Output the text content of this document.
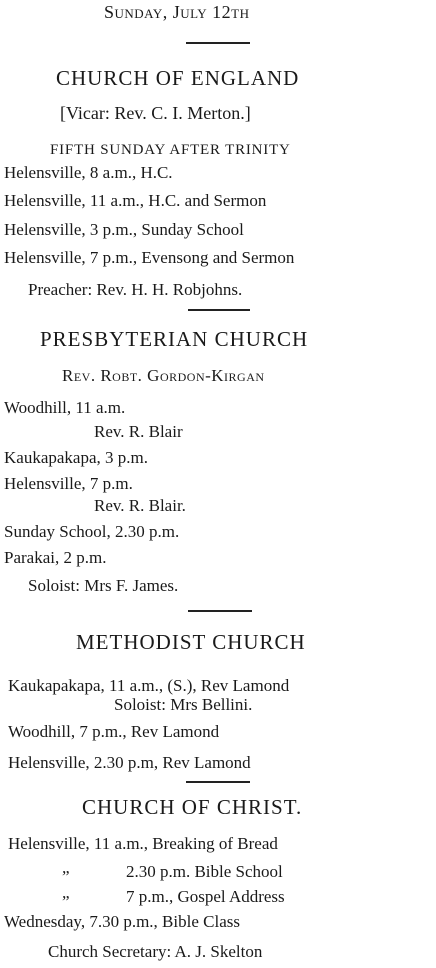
Sunday, July 12th
CHURCH OF ENGLAND
[Vicar: Rev. C. I. Merton.]
FIFTH SUNDAY AFTER TRINITY
Helensville, 8 a.m., H.C.
Helensville, 11 a.m., H.C. and Sermon
Helensville, 3 p.m., Sunday School
Helensville, 7 p.m., Evensong and Sermon
Preacher: Rev. H. H. Robjohns.
PRESBYTERIAN CHURCH
Rev. Robt. Gordon-Kirgan
Woodhill, 11 a.m.
Rev. R. Blair
Kaukapakapa, 3 p.m.
Helensville, 7 p.m.
Rev. R. Blair.
Sunday School, 2.30 p.m.
Parakai, 2 p.m.
Soloist: Mrs F. James.
METHODIST CHURCH
Kaukapakapa, 11 a.m., (S.), Rev Lamond
Soloist: Mrs Bellini.
Woodhill, 7 p.m., Rev Lamond
Helensville, 2.30 p.m, Rev Lamond
CHURCH OF CHRIST.
Helensville, 11 a.m., Breaking of Bread
„	2.30 p.m. Bible School
„	7 p.m., Gospel Address
Wednesday, 7.30 p.m., Bible Class
Church Secretary: A. J. Skelton
